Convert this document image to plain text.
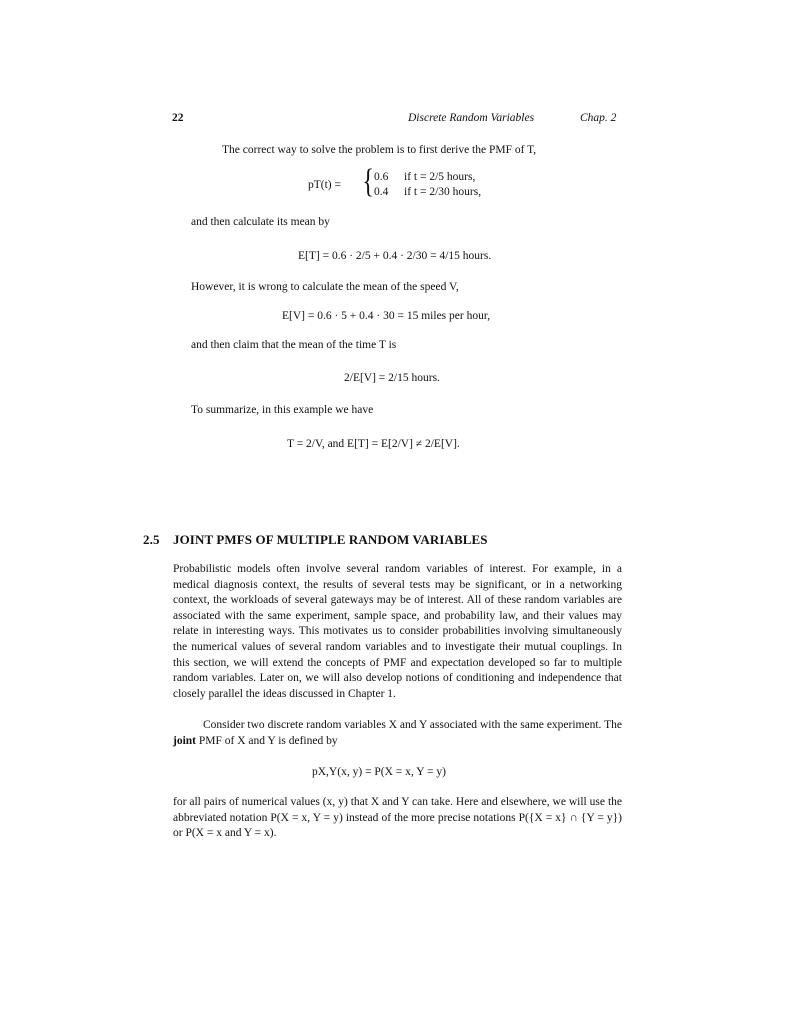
22	Discrete Random Variables	Chap. 2
The correct way to solve the problem is to first derive the PMF of T,
pT(t) = { 0.6 if t = 2/5 hours,
0.4 if t = 2/30 hours,
and then calculate its mean by
E[T] = 0.6 · 2/5 + 0.4 · 2/30 = 4/15 hours.
However, it is wrong to calculate the mean of the speed V,
E[V] = 0.6 · 5 + 0.4 · 30 = 15 miles per hour,
and then claim that the mean of the time T is
2/E[V] = 2/15 hours.
To summarize, in this example we have
T = 2/V, and E[T] = E[2/V] ≠ 2/E[V].
2.5 JOINT PMFS OF MULTIPLE RANDOM VARIABLES

Probabilistic models often involve several random variables of interest. For example, in a medical diagnosis context, the results of several tests may be significant, or in a networking context, the workloads of several gateways may be of interest. All of these random variables are associated with the same experiment, sample space, and probability law, and their values may relate in interesting ways. This motivates us to consider probabilities involving simultaneously the numerical values of several random variables and to investigate their mutual couplings. In this section, we will extend the concepts of PMF and expectation developed so far to multiple random variables. Later on, we will also develop notions of conditioning and independence that closely parallel the ideas discussed in Chapter 1.

Consider two discrete random variables X and Y associated with the same experiment. The joint PMF of X and Y is defined by

pX,Y(x, y) = P(X = x, Y = y)

for all pairs of numerical values (x, y) that X and Y can take. Here and elsewhere, we will use the abbreviated notation P(X = x, Y = y) instead of the more precise notations P({X = x} ∩ {Y = y}) or P(X = x and Y = x).
